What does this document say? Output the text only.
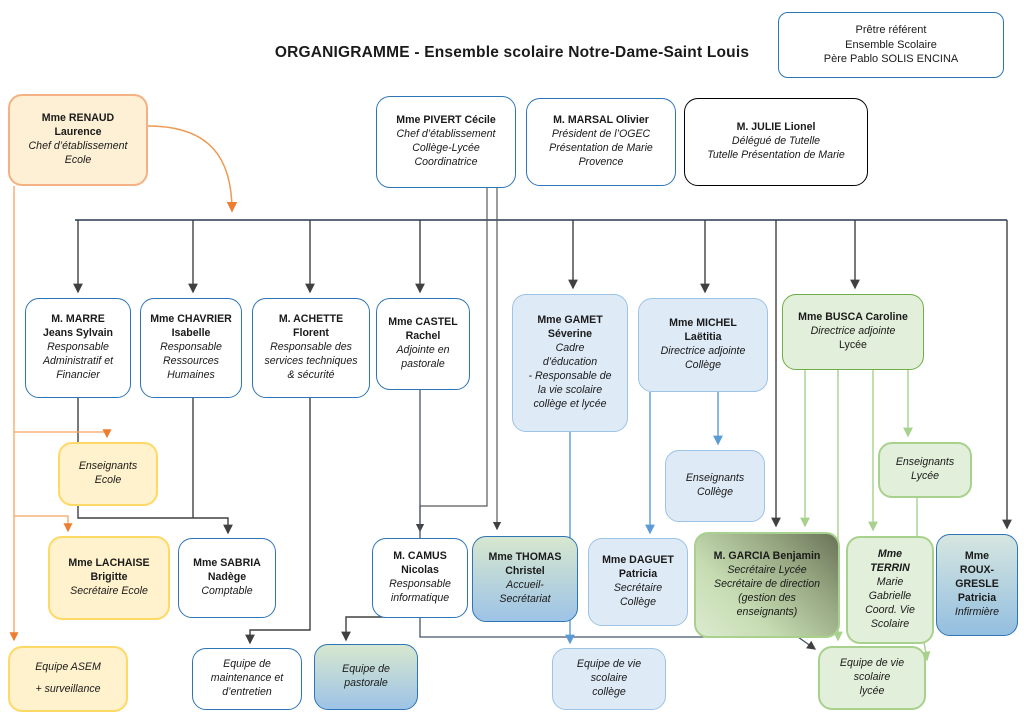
ORGANIGRAMME - Ensemble scolaire Notre-Dame-Saint Louis
Prêtre référent
Ensemble Scolaire
Père Pablo SOLIS ENCINA
Mme RENAUD
Laurence
Chef d’établissement
Ecole
Mme PIVERT Cécile
Chef d’établissement
Collège-Lycée
Coordinatrice
M. MARSAL Olivier
Président de l’OGEC
Présentation de Marie
Provence
M. JULIE Lionel
Délégué de Tutelle
Tutelle Présentation de Marie
M. MARRE
Jeans Sylvain
Responsable
Administratif et
Financier
Mme CHAVRIER
Isabelle
Responsable
Ressources
Humaines
M. ACHETTE
Florent
Responsable des
services techniques
& sécurité
Mme CASTEL
Rachel
Adjointe en
pastorale
Mme GAMET
Séverine
Cadre
d’éducation
- Responsable de
la vie scolaire
collège et lycée
Mme MICHEL
Laëtitia
Directrice adjointe
Collège
Mme BUSCA Caroline
Directrice adjointe
Lycée
Enseignants
Ecole	Enseignants
Collège
Enseignants
Lycée
Mme LACHAISE
Brigitte
Secrétaire Ecole
Mme SABRIA
Nadège
Comptable
M. CAMUS
Nicolas
Responsable
informatique
Mme THOMAS
Christel
Accueil-
Secrétariat
Mme DAGUET
Patricia
Secrétaire
Collège
M. GARCIA Benjamin
Secrétaire Lycée
Secrétaire de direction
(gestion des
enseignants)
Mme
TERRIN
Marie
Gabrielle
Coord. Vie
Scolaire
Mme
ROUX-
GRESLE
Patricia
Infirmière
Equipe ASEM
+ surveillance
Equipe de
maintenance et
d’entretien
Equipe de
pastorale
Equipe de vie
scolaire
collège
Equipe de vie
scolaire
lycée
